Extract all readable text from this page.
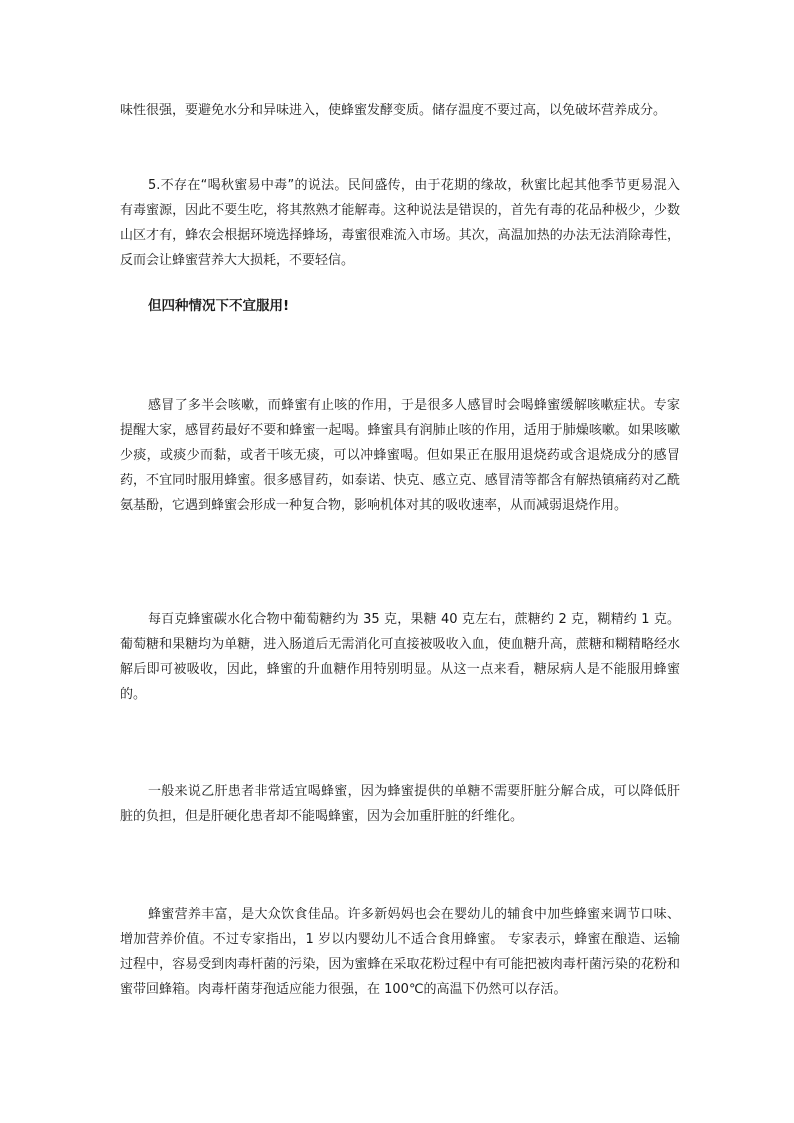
味性很强，要避免水分和异味进入，使蜂蜜发酵变质。储存温度不要过高，以免破坏营养成分。

5.不存在“喝秋蜜易中毒”的说法。民间盛传，由于花期的缘故，秋蜜比起其他季节更易混入有毒蜜源，因此不要生吃，将其熬熟才能解毒。这种说法是错误的，首先有毒的花品种极少，少数山区才有，蜂农会根据环境选择蜂场，毒蜜很难流入市场。其次，高温加热的办法无法消除毒性，反而会让蜂蜜营养大大损耗，不要轻信。

但四种情况下不宜服用!

感冒了多半会咳嗽，而蜂蜜有止咳的作用，于是很多人感冒时会喝蜂蜜缓解咳嗽症状。专家提醒大家，感冒药最好不要和蜂蜜一起喝。蜂蜜具有润肺止咳的作用，适用于肺燥咳嗽。如果咳嗽少痰，或痰少而黏，或者干咳无痰，可以冲蜂蜜喝。但如果正在服用退烧药或含退烧成分的感冒药，不宜同时服用蜂蜜。很多感冒药，如泰诺、快克、感立克、感冒清等都含有解热镇痛药对乙酰氨基酚，它遇到蜂蜜会形成一种复合物，影响机体对其的吸收速率，从而减弱退烧作用。

每百克蜂蜜碳水化合物中葡萄糖约为 35 克，果糖 40 克左右，蔗糖约 2 克，糊精约 1 克。葡萄糖和果糖均为单糖，进入肠道后无需消化可直接被吸收入血，使血糖升高，蔗糖和糊精略经水解后即可被吸收，因此，蜂蜜的升血糖作用特别明显。从这一点来看，糖尿病人是不能服用蜂蜜的。

一般来说乙肝患者非常适宜喝蜂蜜，因为蜂蜜提供的单糖不需要肝脏分解合成，可以降低肝脏的负担，但是肝硬化患者却不能喝蜂蜜，因为会加重肝脏的纤维化。

蜂蜜营养丰富，是大众饮食佳品。许多新妈妈也会在婴幼儿的辅食中加些蜂蜜来调节口味、增加营养价值。不过专家指出，1 岁以内婴幼儿不适合食用蜂蜜。 专家表示，蜂蜜在酿造、运输过程中，容易受到肉毒杆菌的污染，因为蜜蜂在采取花粉过程中有可能把被肉毒杆菌污染的花粉和蜜带回蜂箱。肉毒杆菌芽孢适应能力很强，在 100℃的高温下仍然可以存活。
